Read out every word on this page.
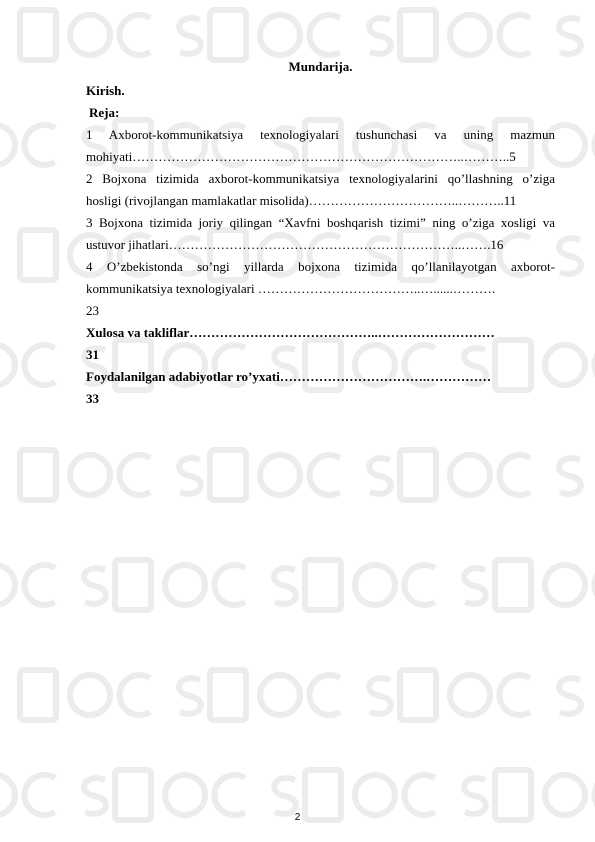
Mundarija.
Kirish.
Reja:
1 Axborot-kommunikatsiya texnologiyalari tushunchasi va uning mazmun
mohiyati…………………………………………………………………..………..5
2 Bojxona tizimida axborot-kommunikatsiya texnologiyalarini qo’llashning o’ziga
hosligi (rivojlangan mamlakatlar misolida)……………………………..………..11
3 Bojxona tizimida joriy qilingan “Xavfni boshqarish tizimi” ning o’ziga xosligi va
ustuvor jihatlari…………………………………………………………..…….16
4 O’zbekistonda so’ngi yillarda bojxona tizimida qo’llanilayotgan axborot-
kommunikatsiya texnologiyalari ………………………………..…......……….
23
Xulosa va takliflar……………………………………..………………………
31
Foydalanilgan adabiyotlar ro’yxati…………………………….……………
33
2
